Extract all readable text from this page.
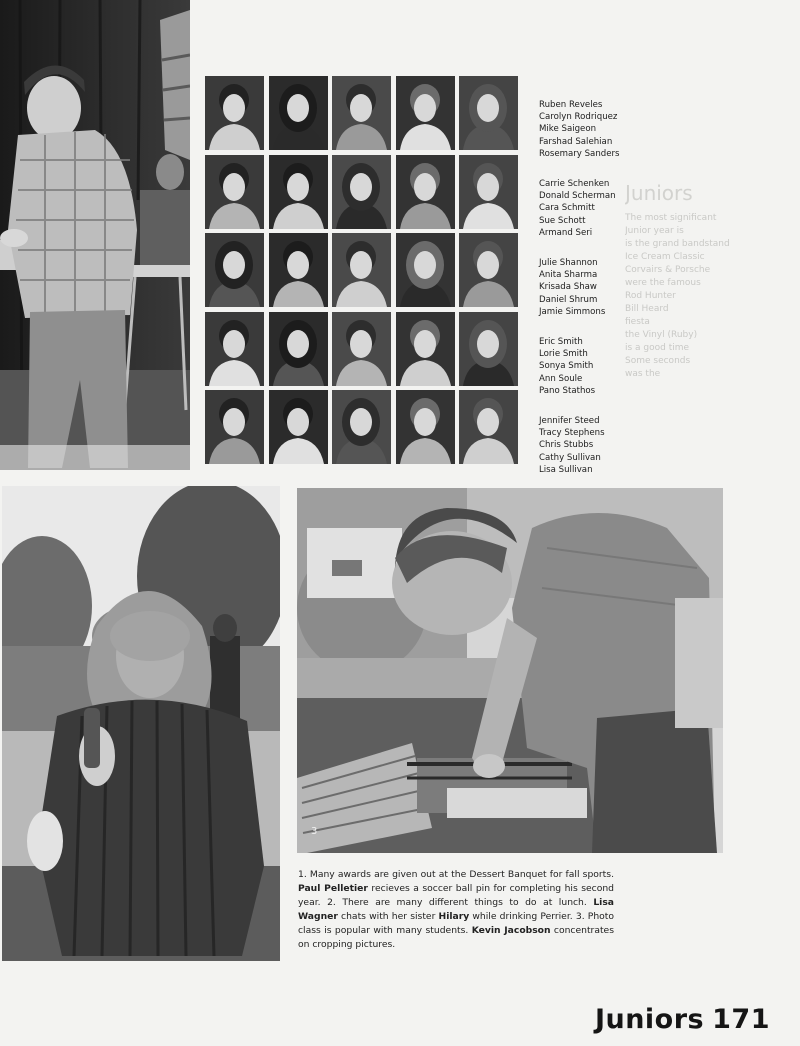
Juniors
The most significant
Junior year is
is the grand bandstand
Ice Cream Classic
Corvairs & Porsche
were the famous
Rod Hunter
Bill Heard
fiesta
the Vinyl (Ruby)
is a good time
Some seconds
was the
Ruben Reveles
Carolyn Rodriquez
Mike Saigeon
Farshad Salehian
Rosemary Sanders
Carrie Schenken
Donald Scherman
Cara Schmitt
Sue Schott
Armand Seri
Julie Shannon
Anita Sharma
Krisada Shaw
Daniel Shrum
Jamie Simmons
Eric Smith
Lorie Smith
Sonya Smith
Ann Soule
Pano Stathos
Jennifer Steed
Tracy Stephens
Chris Stubbs
Cathy Sullivan
Lisa Sullivan
3
1. Many awards are given out at the Dessert Banquet for fall sports. Paul Pelletier recieves a soccer ball pin for completing his second year. 2. There are many different things to do at lunch. Lisa Wagner chats with her sister Hilary while drinking Perrier. 3. Photo class is popular with many students. Kevin Jacobson concentrates on cropping pictures.
Juniors 171
